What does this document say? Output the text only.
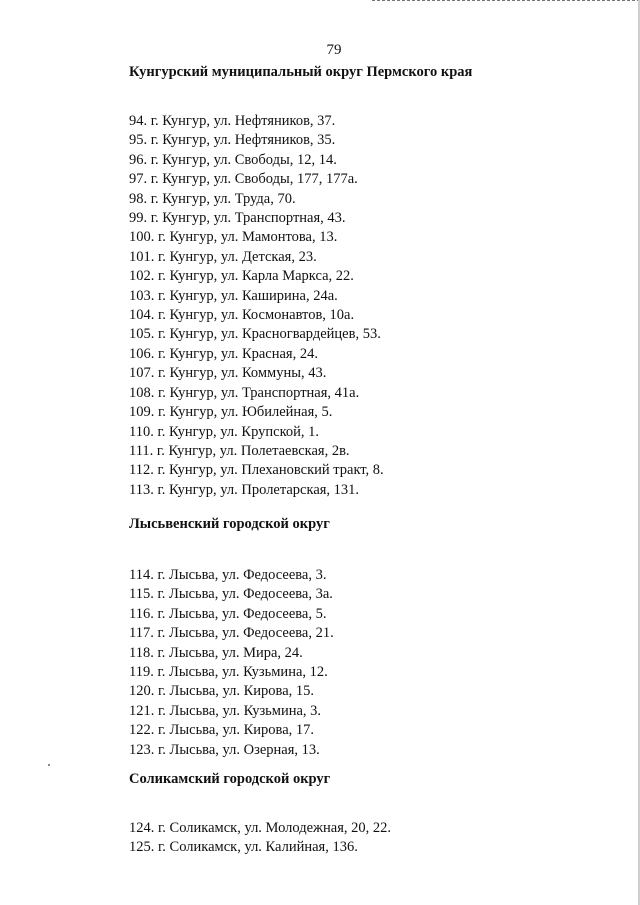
79
Кунгурский муниципальный округ Пермского края
94. г. Кунгур, ул. Нефтяников, 37.
95. г. Кунгур, ул. Нефтяников, 35.
96. г. Кунгур, ул. Свободы, 12, 14.
97. г. Кунгур, ул. Свободы, 177, 177а.
98. г. Кунгур, ул. Труда, 70.
99. г. Кунгур, ул. Транспортная, 43.
100. г. Кунгур, ул. Мамонтова, 13.
101. г. Кунгур, ул. Детская, 23.
102. г. Кунгур, ул. Карла Маркса, 22.
103. г. Кунгур, ул. Каширина, 24а.
104. г. Кунгур, ул. Космонавтов, 10а.
105. г. Кунгур, ул. Красногвардейцев, 53.
106. г. Кунгур, ул. Красная, 24.
107. г. Кунгур, ул. Коммуны, 43.
108. г. Кунгур, ул. Транспортная, 41а.
109. г. Кунгур, ул. Юбилейная, 5.
110. г. Кунгур, ул. Крупской, 1.
111. г. Кунгур, ул. Полетаевская, 2в.
112. г. Кунгур, ул. Плехановский тракт, 8.
113. г. Кунгур, ул. Пролетарская, 131.
Лысьвенский городской округ
114. г. Лысьва, ул. Федосеева, 3.
115. г. Лысьва, ул. Федосеева, 3а.
116. г. Лысьва, ул. Федосеева, 5.
117. г. Лысьва, ул. Федосеева, 21.
118. г. Лысьва, ул. Мира, 24.
119. г. Лысьва, ул. Кузьмина, 12.
120. г. Лысьва, ул. Кирова, 15.
121. г. Лысьва, ул. Кузьмина, 3.
122. г. Лысьва, ул. Кирова, 17.
123. г. Лысьва, ул. Озерная, 13.
Соликамский городской округ
124. г. Соликамск, ул. Молодежная, 20, 22.
125. г. Соликамск, ул. Калийная, 136.
